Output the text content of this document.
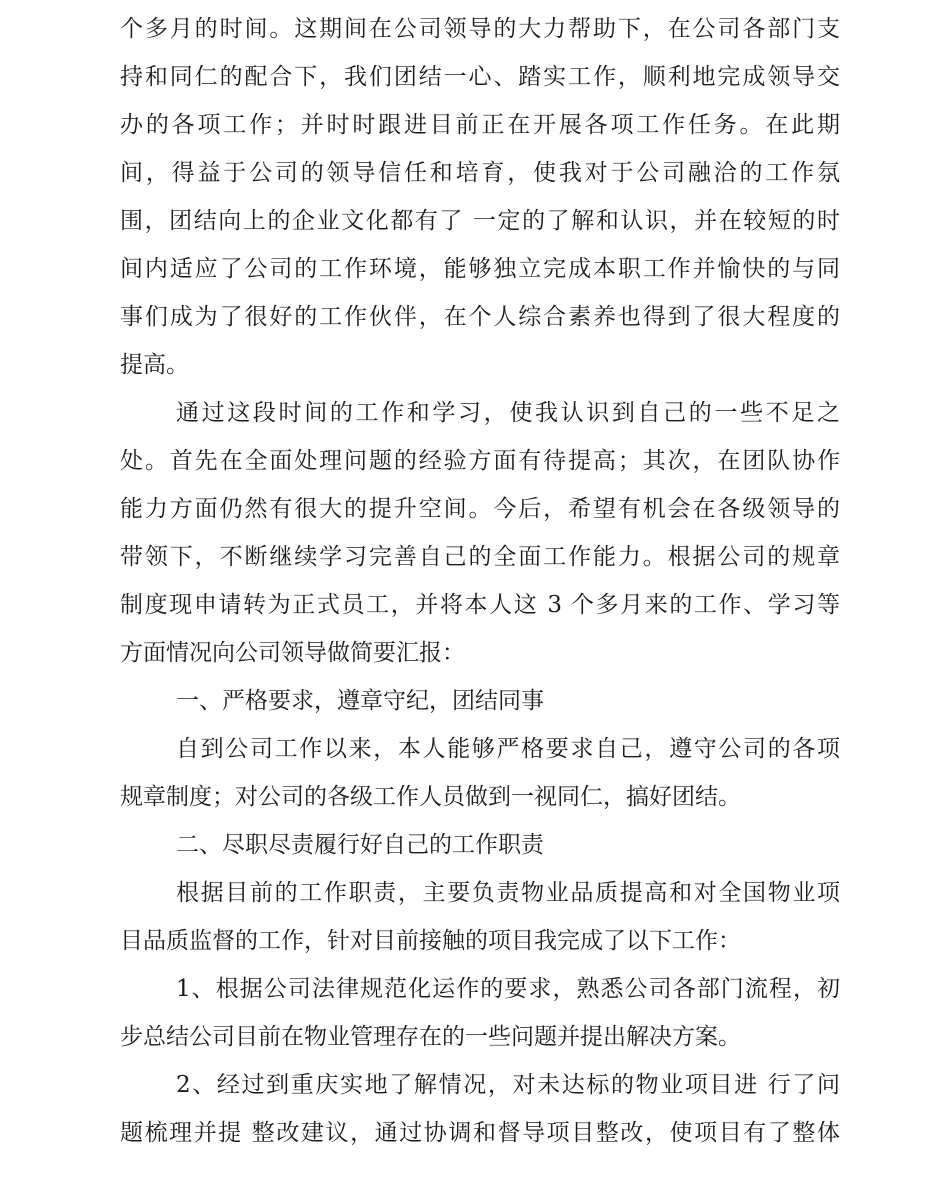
个多月的时间。这期间在公司领导的大力帮助下，在公司各部门支

持和同仁的配合下，我们团结一心、踏实工作，顺利地完成领导交

办的各项工作；并时时跟进目前正在开展各项工作任务。在此期

间，得益于公司的领导信任和培育，使我对于公司融洽的工作氛

围，团结向上的企业文化都有了 一定的了解和认识，并在较短的时

间内适应了公司的工作环境，能够独立完成本职工作并愉快的与同

事们成为了很好的工作伙伴，在个人综合素养也得到了很大程度的

提高。

通过这段时间的工作和学习，使我认识到自己的一些不足之

处。首先在全面处理问题的经验方面有待提高；其次，在团队协作

能力方面仍然有很大的提升空间。今后，希望有机会在各级领导的

带领下，不断继续学习完善自己的全面工作能力。根据公司的规章

制度现申请转为正式员工，并将本人这 3 个多月来的工作、学习等

方面情况向公司领导做简要汇报：

一、严格要求，遵章守纪，团结同事

自到公司工作以来，本人能够严格要求自己，遵守公司的各项

规章制度；对公司的各级工作人员做到一视同仁，搞好团结。

二、尽职尽责履行好自己的工作职责

根据目前的工作职责，主要负责物业品质提高和对全国物业项

目品质监督的工作，针对目前接触的项目我完成了以下工作：

1、根据公司法律规范化运作的要求，熟悉公司各部门流程，初

步总结公司目前在物业管理存在的一些问题并提出解决方案。

2、经过到重庆实地了解情况，对未达标的物业项目进 行了问

题梳理并提 整改建议，通过协调和督导项目整改，使项目有了整体
